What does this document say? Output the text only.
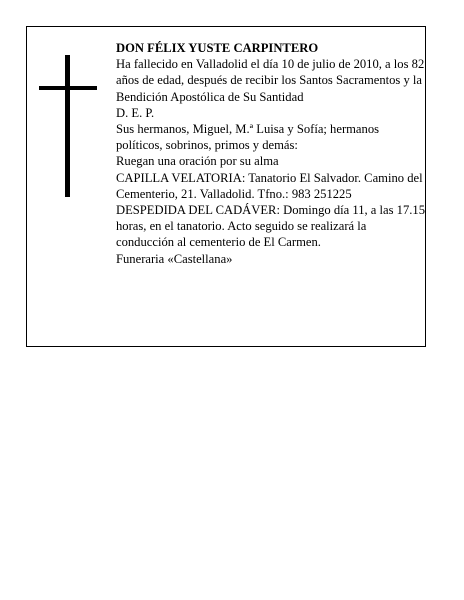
DON FÉLIX YUSTE CARPINTERO

Ha fallecido en Valladolid el día 10 de julio de 2010, a los 82 años de edad, después de recibir los Santos Sacramentos y la Bendición Apostólica de Su Santidad

D. E. P.

Sus hermanos, Miguel, M.ª Luisa y Sofía; hermanos políticos, sobrinos, primos y demás:

Ruegan una oración por su alma

CAPILLA VELATORIA: Tanatorio El Salvador. Camino del Cementerio, 21. Valladolid. Tfno.: 983 251225

DESPEDIDA DEL CADÁVER: Domingo día 11, a las 17.15 horas, en el tanatorio. Acto seguido se realizará la conducción al cementerio de El Carmen.

Funeraria «Castellana»
